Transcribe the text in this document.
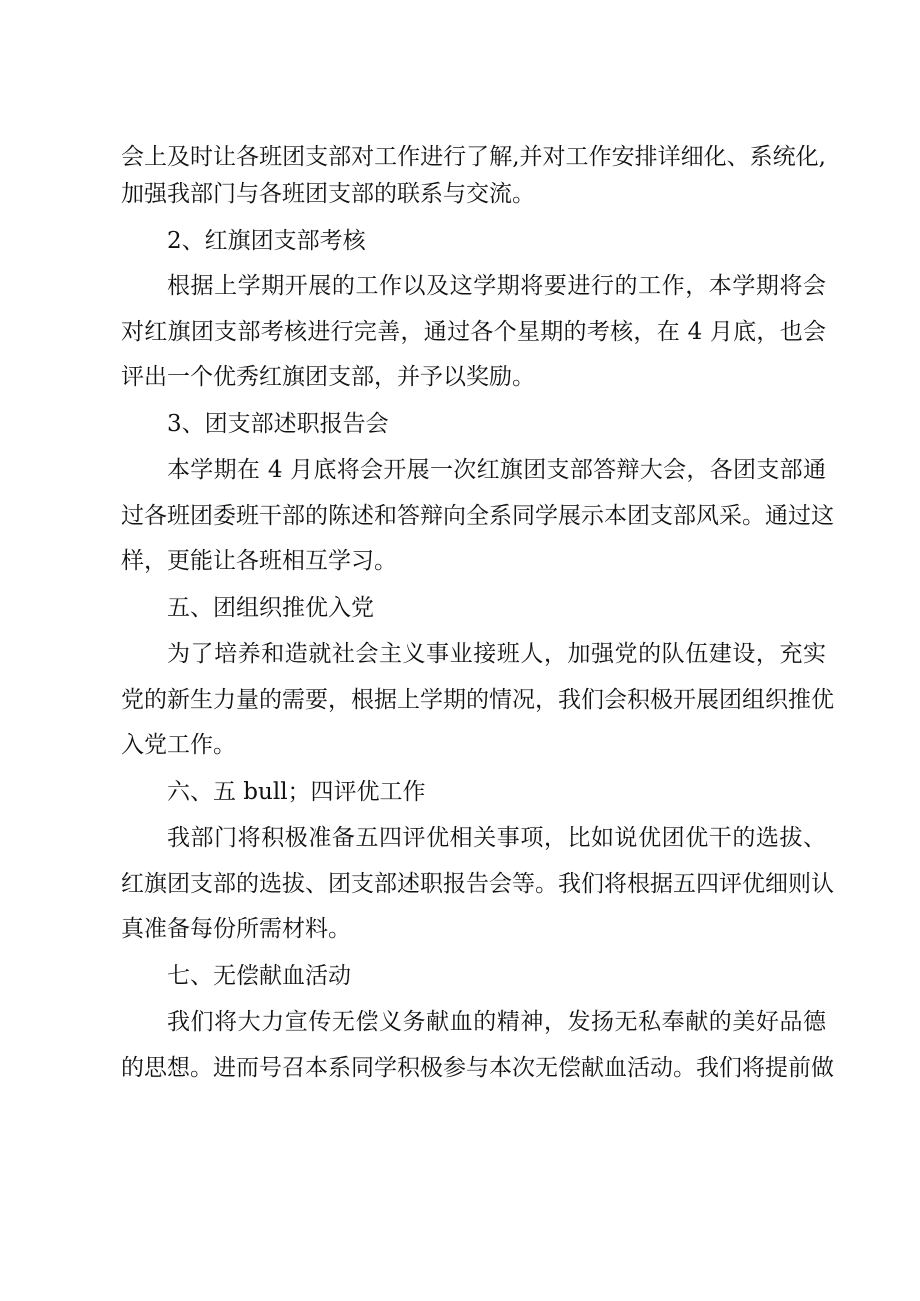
会上及时让各班团支部对工作进行了解,并对工作安排详细化、系统化,
加强我部门与各班团支部的联系与交流。
2、红旗团支部考核
根据上学期开展的工作以及这学期将要进行的工作，本学期将会
对红旗团支部考核进行完善，通过各个星期的考核，在 4 月底，也会
评出一个优秀红旗团支部，并予以奖励。
3、团支部述职报告会
本学期在 4 月底将会开展一次红旗团支部答辩大会，各团支部通
过各班团委班干部的陈述和答辩向全系同学展示本团支部风采。通过这
样，更能让各班相互学习。
五、团组织推优入党
为了培养和造就社会主义事业接班人，加强党的队伍建设，充实
党的新生力量的需要，根据上学期的情况，我们会积极开展团组织推优
入党工作。
六、五 bull；四评优工作
我部门将积极准备五四评优相关事项，比如说优团优干的选拔、
红旗团支部的选拔、团支部述职报告会等。我们将根据五四评优细则认
真准备每份所需材料。
七、无偿献血活动
我们将大力宣传无偿义务献血的精神，发扬无私奉献的美好品德
的思想。进而号召本系同学积极参与本次无偿献血活动。我们将提前做
